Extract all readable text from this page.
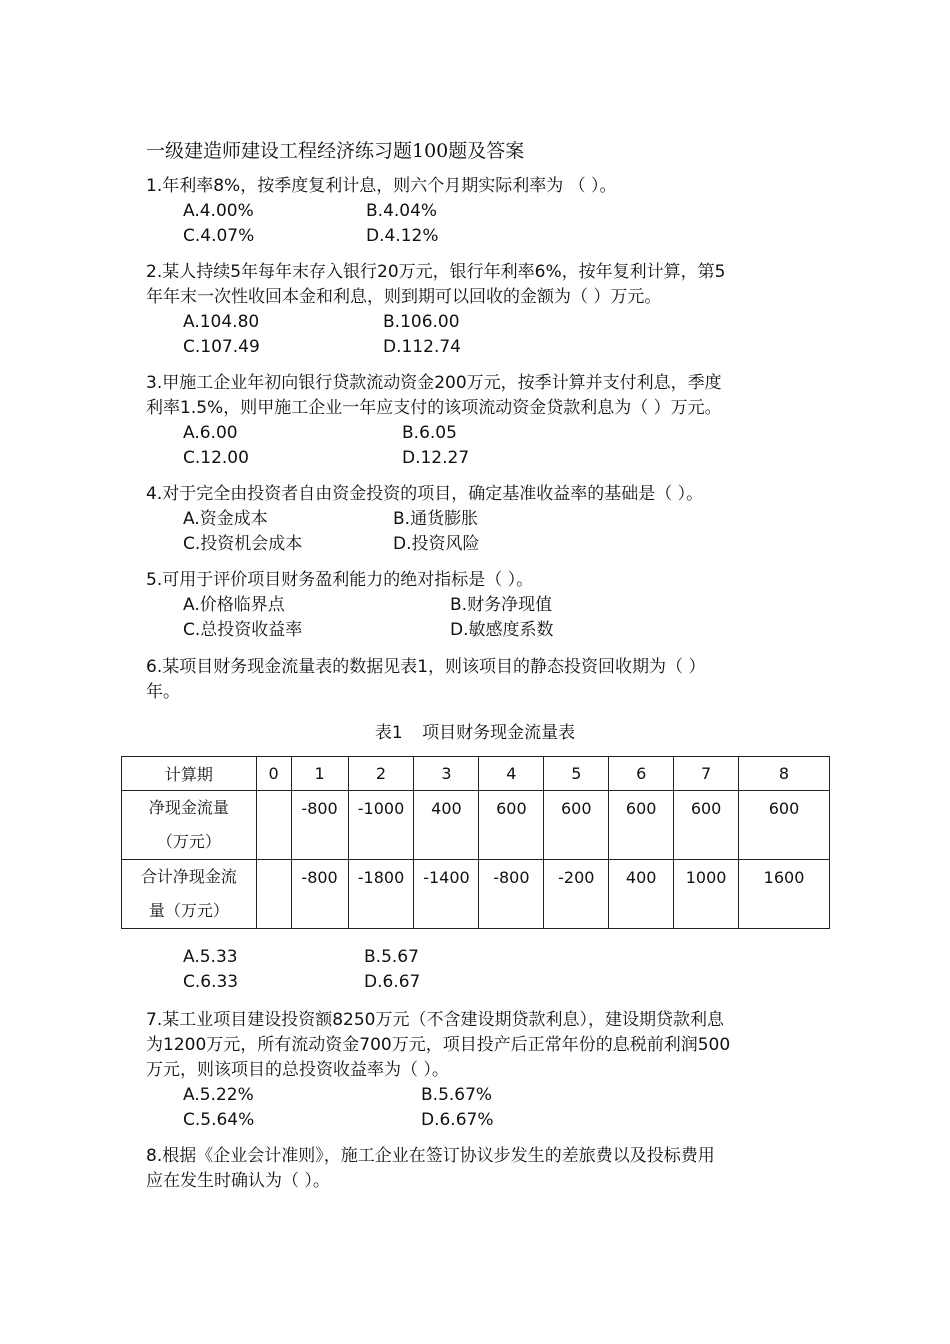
一级建造师建设工程经济练习题100题及答案
1.年利率8%，按季度复利计息，则六个月期实际利率为 （ ）。
A.4.00%	B.4.04%
C.4.07%	D.4.12%
2.某人持续5年每年末存入银行20万元，银行年利率6%，按年复利计算，第5
年年末一次性收回本金和利息，则到期可以回收的金额为（ ）万元。
A.104.80	B.106.00
C.107.49	D.112.74
3.甲施工企业年初向银行贷款流动资金200万元，按季计算并支付利息，季度
利率1.5%，则甲施工企业一年应支付的该项流动资金贷款利息为（ ）万元。
A.6.00	B.6.05
C.12.00	D.12.27
4.对于完全由投资者自由资金投资的项目，确定基准收益率的基础是（ ）。
A.资金成本	B.通货膨胀
C.投资机会成本	D.投资风险
5.可用于评价项目财务盈利能力的绝对指标是（ ）。
A.价格临界点	B.财务净现值
C.总投资收益率	D.敏感度系数
6.某项目财务现金流量表的数据见表1，则该项目的静态投资回收期为（ ）
年。
表1 项目财务现金流量表
计算期	0	1	2	3	4	5	6	7	8

净现金流量
（万元）		-800	-1000	400	600	600	600	600	600

合计净现金流
量（万元）		-800	-1800	-1400	-800	-200	400	1000	1600
A.5.33	B.5.67
C.6.33	D.6.67
7.某工业项目建设投资额8250万元（不含建设期贷款利息），建设期贷款利息
为1200万元，所有流动资金700万元，项目投产后正常年份的息税前利润500
万元，则该项目的总投资收益率为（ ）。
A.5.22%	B.5.67%
C.5.64%	D.6.67%
8.根据《企业会计准则》，施工企业在签订协议步发生的差旅费以及投标费用
应在发生时确认为（ ）。
